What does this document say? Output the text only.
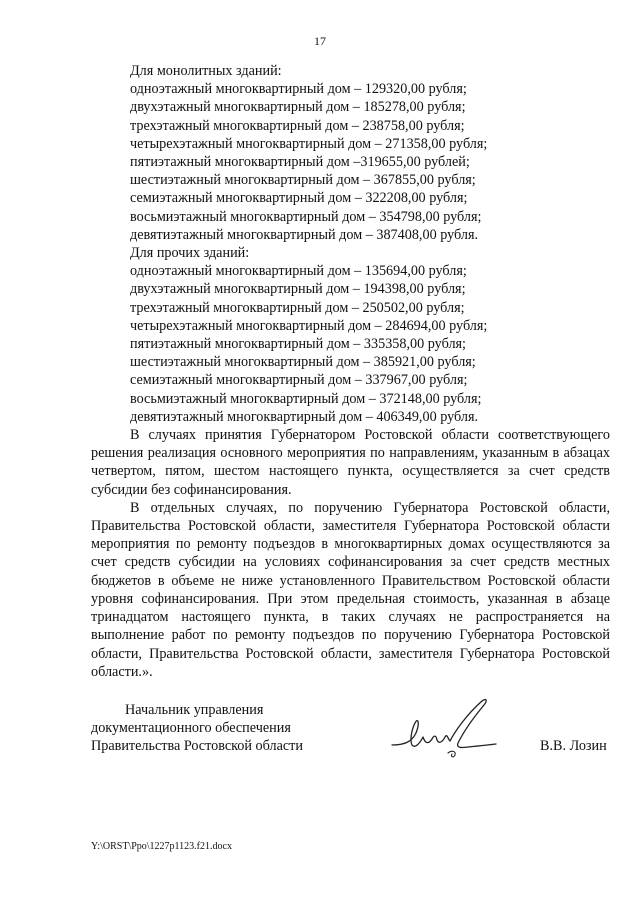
17
Для монолитных зданий:
одноэтажный многоквартирный дом – 129320,00 рубля;
двухэтажный многоквартирный дом – 185278,00 рубля;
трехэтажный многоквартирный дом – 238758,00 рубля;
четырехэтажный многоквартирный дом – 271358,00 рубля;
пятиэтажный многоквартирный дом –319655,00 рублей;
шестиэтажный многоквартирный дом – 367855,00 рубля;
семиэтажный многоквартирный дом – 322208,00 рубля;
восьмиэтажный многоквартирный дом – 354798,00 рубля;
девятиэтажный многоквартирный дом – 387408,00 рубля.
Для прочих зданий:
одноэтажный многоквартирный дом – 135694,00 рубля;
двухэтажный многоквартирный дом – 194398,00 рубля;
трехэтажный многоквартирный дом – 250502,00 рубля;
четырехэтажный многоквартирный дом – 284694,00 рубля;
пятиэтажный многоквартирный дом – 335358,00 рубля;
шестиэтажный многоквартирный дом – 385921,00 рубля;
семиэтажный многоквартирный дом – 337967,00 рубля;
восьмиэтажный многоквартирный дом – 372148,00 рубля;
девятиэтажный многоквартирный дом – 406349,00 рубля.

В случаях принятия Губернатором Ростовской области соответствующего решения реализация основного мероприятия по направлениям, указанным в абзацах четвертом, пятом, шестом настоящего пункта, осуществляется за счет средств субсидии без софинансирования.

В отдельных случаях, по поручению Губернатора Ростовской области, Правительства Ростовской области, заместителя Губернатора Ростовской области мероприятия по ремонту подъездов в многоквартирных домах осуществляются за счет средств субсидии на условиях софинансирования за счет средств местных бюджетов в объеме не ниже установленного Правительством Ростовской области уровня софинансирования. При этом предельная стоимость, указанная в абзаце тринадцатом настоящего пункта, в таких случаях не распространяется на выполнение работ по ремонту подъездов по поручению Губернатора Ростовской области, Правительства Ростовской области, заместителя Губернатора Ростовской области.».

Начальник управления
документационного обеспечения
Правительства Ростовской области	В.В. Лозин
Y:\ORST\Ppo\1227p1123.f21.docx
